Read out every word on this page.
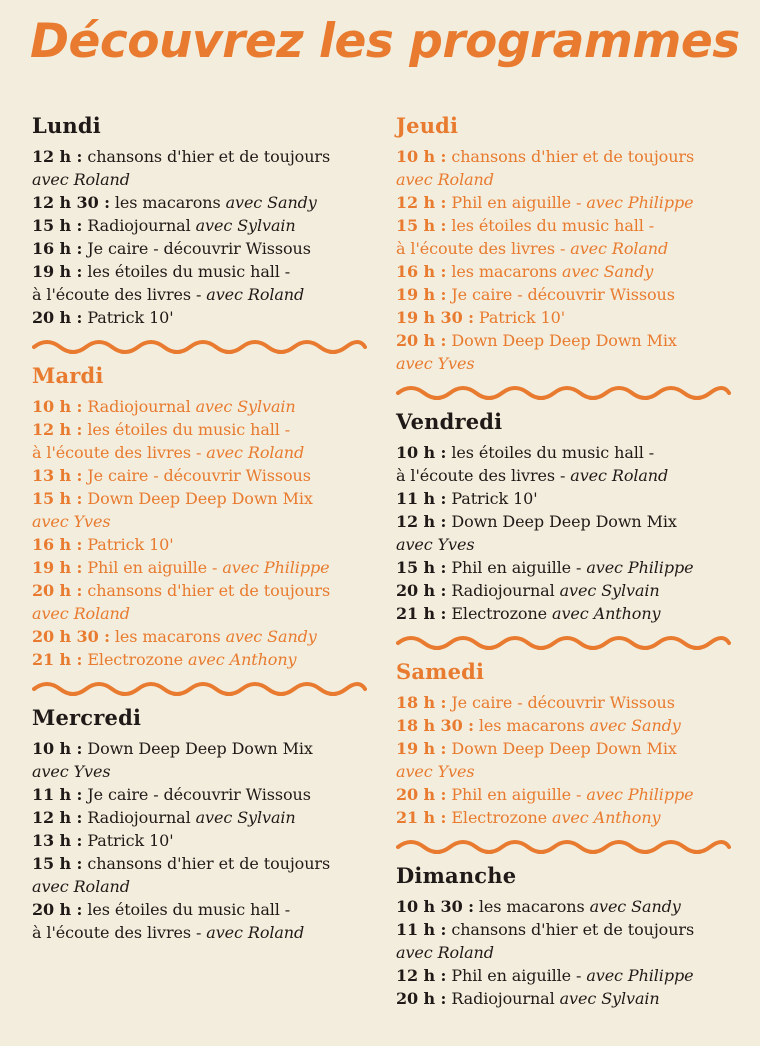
Découvrez les programmes
Lundi
12 h : chansons d'hier et de toujours
avec Roland
12 h 30 : les macarons avec Sandy
15 h : Radiojournal avec Sylvain
16 h : Je caire - découvrir Wissous
19 h : les étoiles du music hall -
à l'écoute des livres - avec Roland
20 h : Patrick 10'
Mardi
10 h : Radiojournal avec Sylvain
12 h : les étoiles du music hall -
à l'écoute des livres - avec Roland
13 h : Je caire - découvrir Wissous
15 h : Down Deep Deep Down Mix
avec Yves
16 h : Patrick 10'
19 h : Phil en aiguille - avec Philippe
20 h : chansons d'hier et de toujours
avec Roland
20 h 30 : les macarons avec Sandy
21 h : Electrozone avec Anthony
Mercredi
10 h : Down Deep Deep Down Mix
avec Yves
11 h : Je caire - découvrir Wissous
12 h : Radiojournal avec Sylvain
13 h : Patrick 10'
15 h : chansons d'hier et de toujours
avec Roland
20 h : les étoiles du music hall -
à l'écoute des livres - avec Roland
Jeudi
10 h : chansons d'hier et de toujours
avec Roland
12 h : Phil en aiguille - avec Philippe
15 h : les étoiles du music hall -
à l'écoute des livres - avec Roland
16 h : les macarons avec Sandy
19 h : Je caire - découvrir Wissous
19 h 30 : Patrick 10'
20 h : Down Deep Deep Down Mix
avec Yves
Vendredi
10 h : les étoiles du music hall -
à l'écoute des livres - avec Roland
11 h : Patrick 10'
12 h : Down Deep Deep Down Mix
avec Yves
15 h : Phil en aiguille - avec Philippe
20 h : Radiojournal avec Sylvain
21 h : Electrozone avec Anthony
Samedi
18 h : Je caire - découvrir Wissous
18 h 30 : les macarons avec Sandy
19 h : Down Deep Deep Down Mix
avec Yves
20 h : Phil en aiguille - avec Philippe
21 h : Electrozone avec Anthony
Dimanche
10 h 30 : les macarons avec Sandy
11 h : chansons d'hier et de toujours
avec Roland
12 h : Phil en aiguille - avec Philippe
20 h : Radiojournal avec Sylvain
